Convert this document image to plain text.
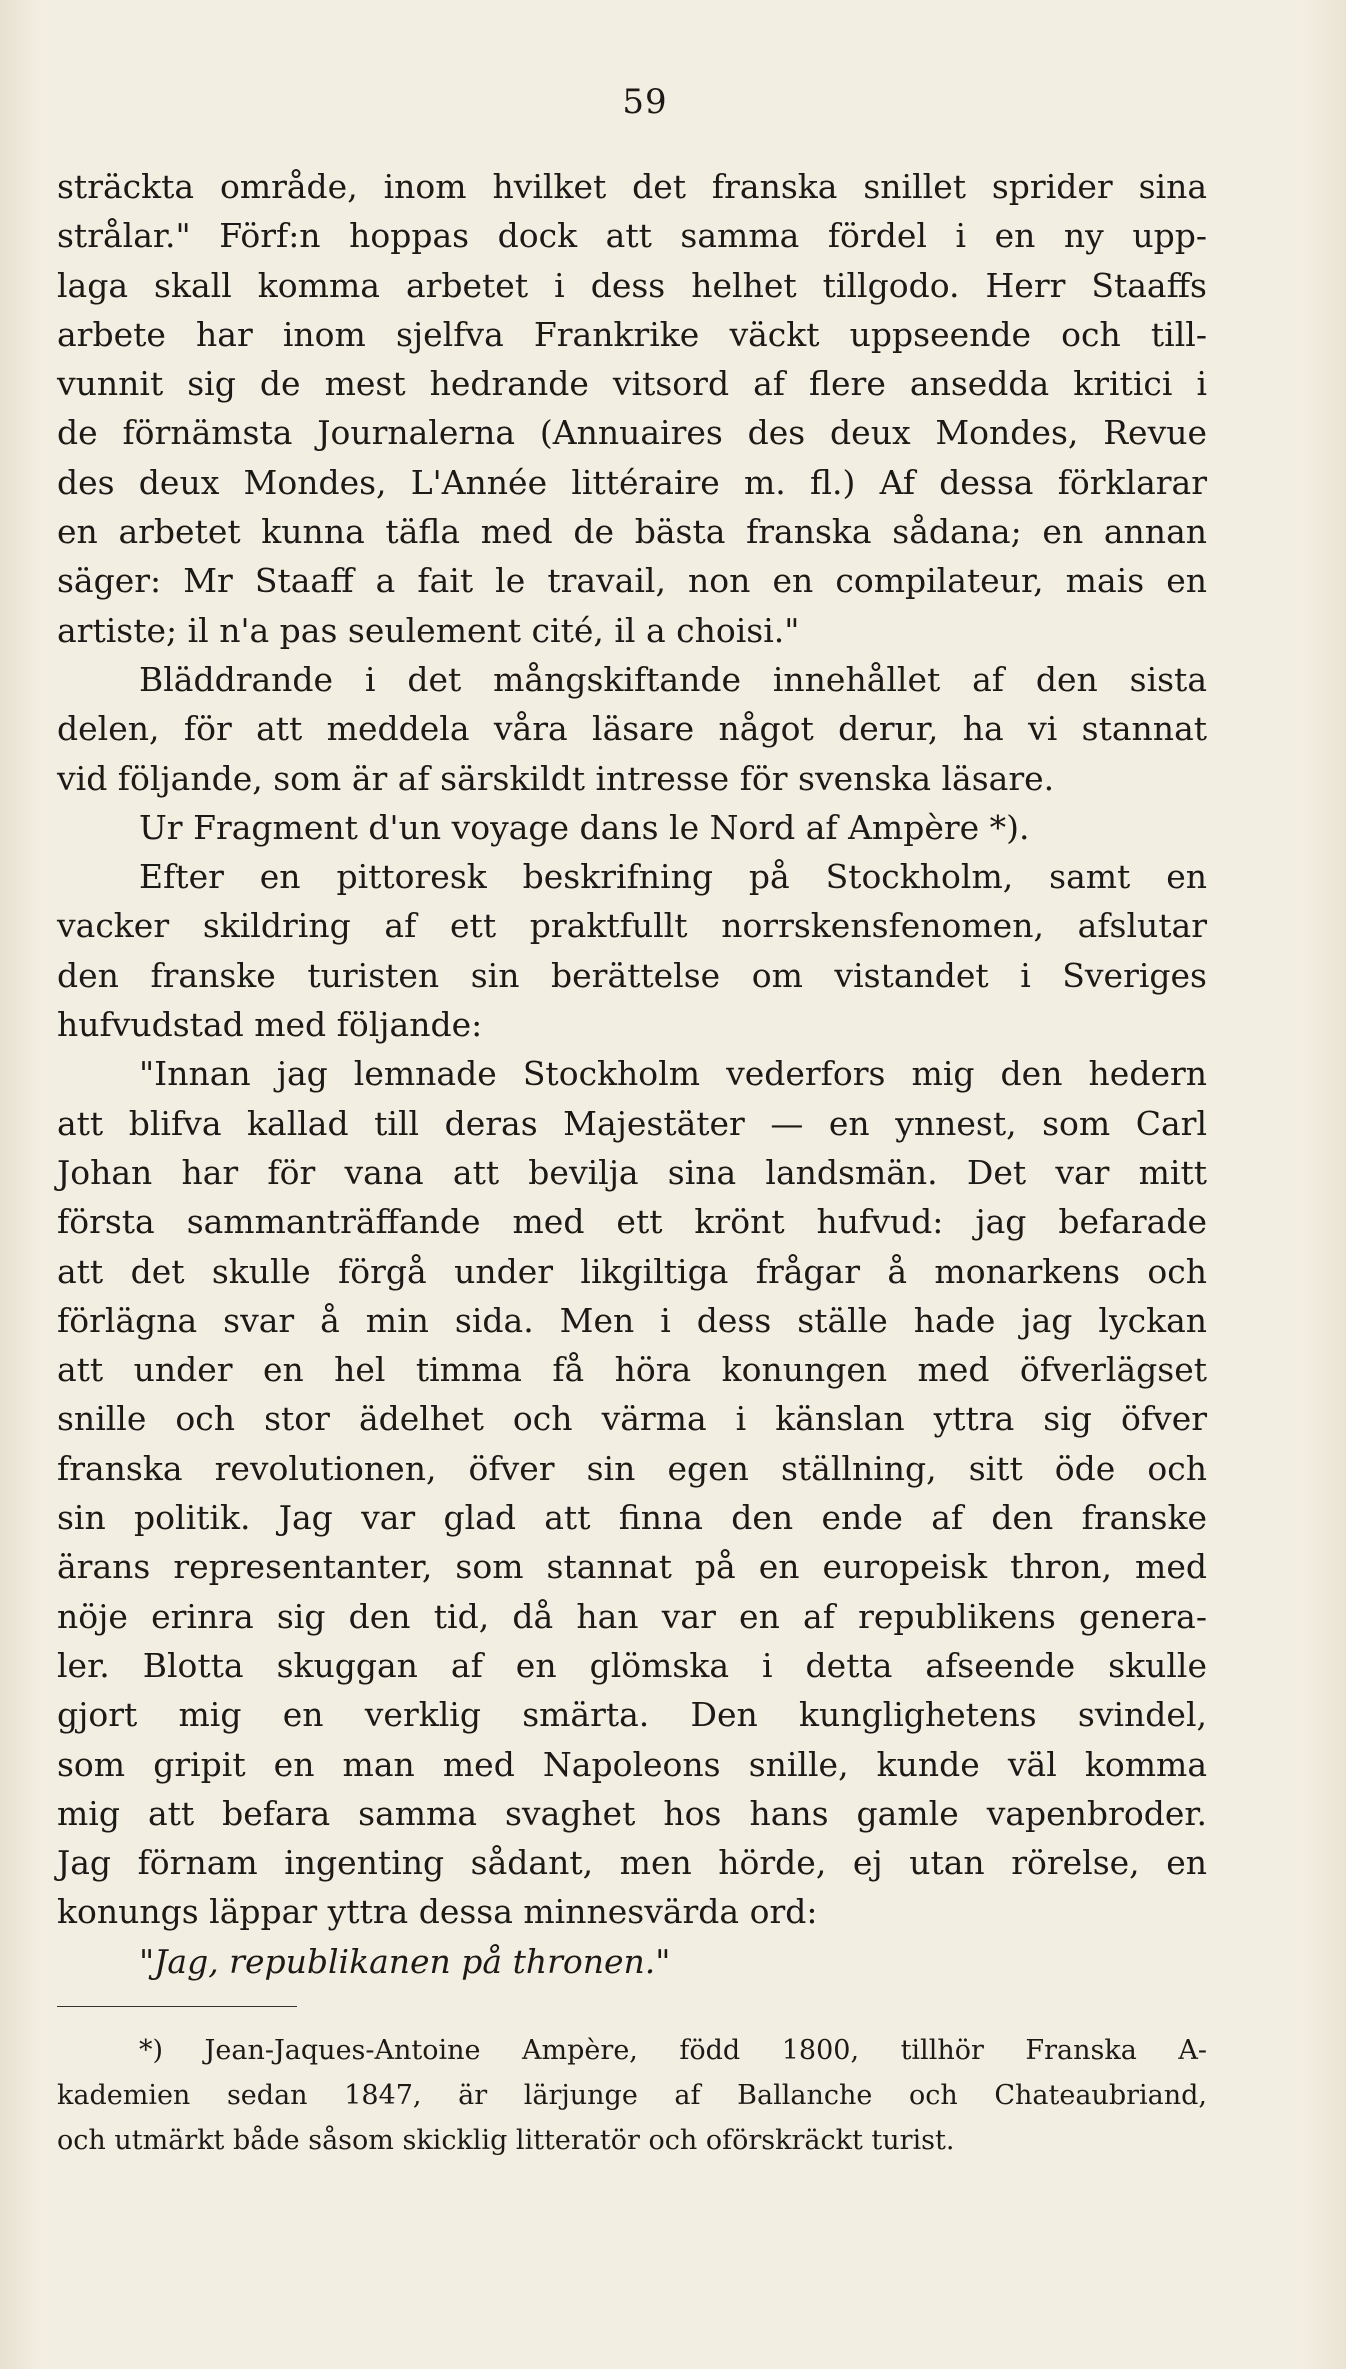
59
sträckta område, inom hvilket det franska snillet sprider sina
strålar." Förf:n hoppas dock att samma fördel i en ny upp-
laga skall komma arbetet i dess helhet tillgodo. Herr Staaffs
arbete har inom sjelfva Frankrike väckt uppseende och till-
vunnit sig de mest hedrande vitsord af flere ansedda kritici i
de förnämsta Journalerna (Annuaires des deux Mondes, Revue
des deux Mondes, L'Année littéraire m. fl.) Af dessa förklarar
en arbetet kunna täfla med de bästa franska sådana; en annan
säger: Mr Staaff a fait le travail, non en compilateur, mais en
artiste; il n'a pas seulement cité, il a choisi."
Bläddrande i det mångskiftande innehållet af den sista
delen, för att meddela våra läsare något derur, ha vi stannat
vid följande, som är af särskildt intresse för svenska läsare.
Ur Fragment d'un voyage dans le Nord af Ampère *).
Efter en pittoresk beskrifning på Stockholm, samt en
vacker skildring af ett praktfullt norrskensfenomen, afslutar
den franske turisten sin berättelse om vistandet i Sveriges
hufvudstad med följande:
"Innan jag lemnade Stockholm vederfors mig den hedern
att blifva kallad till deras Majestäter — en ynnest, som Carl
Johan har för vana att bevilja sina landsmän. Det var mitt
första sammanträffande med ett krönt hufvud: jag befarade
att det skulle förgå under likgiltiga frågar å monarkens och
förlägna svar å min sida. Men i dess ställe hade jag lyckan
att under en hel timma få höra konungen med öfverlägset
snille och stor ädelhet och värma i känslan yttra sig öfver
franska revolutionen, öfver sin egen ställning, sitt öde och
sin politik. Jag var glad att finna den ende af den franske
ärans representanter, som stannat på en europeisk thron, med
nöje erinra sig den tid, då han var en af republikens genera-
ler. Blotta skuggan af en glömska i detta afseende skulle
gjort mig en verklig smärta. Den kunglighetens svindel,
som gripit en man med Napoleons snille, kunde väl komma
mig att befara samma svaghet hos hans gamle vapenbroder.
Jag förnam ingenting sådant, men hörde, ej utan rörelse, en
konungs läppar yttra dessa minnesvärda ord:
"Jag, republikanen på thronen."
*) Jean-Jaques-Antoine Ampère, född 1800, tillhör Franska A-
kademien sedan 1847, är lärjunge af Ballanche och Chateaubriand,
och utmärkt både såsom skicklig litteratör och oförskräckt turist.
